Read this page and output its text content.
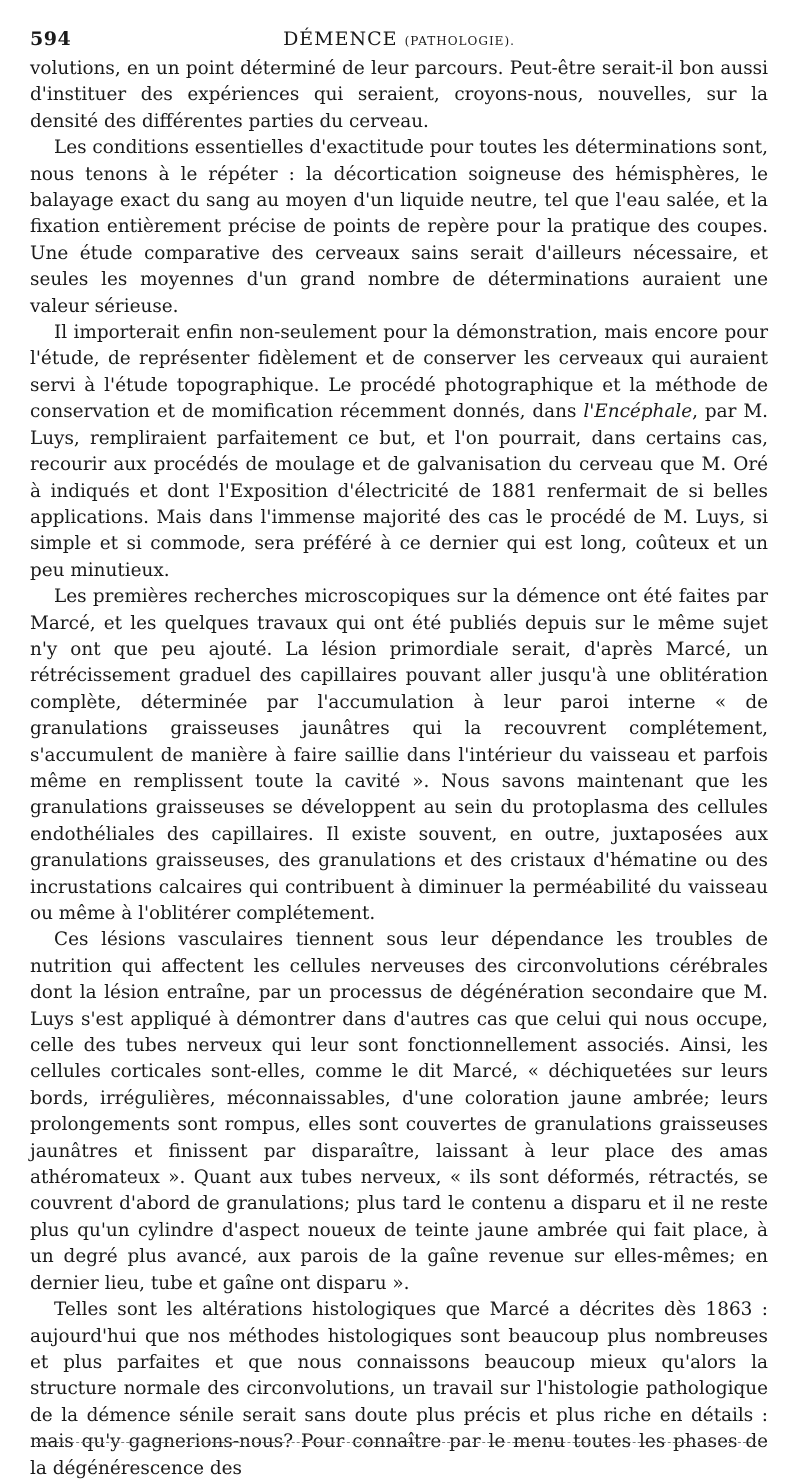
594	DÉMENCE (PATHOLOGIE).

volutions, en un point déterminé de leur parcours. Peut-être serait-il bon aussi d'instituer des expériences qui seraient, croyons-nous, nouvelles, sur la densité des différentes parties du cerveau.

Les conditions essentielles d'exactitude pour toutes les déterminations sont, nous tenons à le répéter : la décortication soigneuse des hémisphères, le balayage exact du sang au moyen d'un liquide neutre, tel que l'eau salée, et la fixation entièrement précise de points de repère pour la pratique des coupes. Une étude comparative des cerveaux sains serait d'ailleurs nécessaire, et seules les moyennes d'un grand nombre de déterminations auraient une valeur sérieuse.

Il importerait enfin non-seulement pour la démonstration, mais encore pour l'étude, de représenter fidèlement et de conserver les cerveaux qui auraient servi à l'étude topographique. Le procédé photographique et la méthode de conservation et de momification récemment donnés, dans l'Encéphale, par M. Luys, rempliraient parfaitement ce but, et l'on pourrait, dans certains cas, recourir aux procédés de moulage et de galvanisation du cerveau que M. Oré à indiqués et dont l'Exposition d'électricité de 1881 renfermait de si belles applications. Mais dans l'immense majorité des cas le procédé de M. Luys, si simple et si commode, sera préféré à ce dernier qui est long, coûteux et un peu minutieux.

Les premières recherches microscopiques sur la démence ont été faites par Marcé, et les quelques travaux qui ont été publiés depuis sur le même sujet n'y ont que peu ajouté. La lésion primordiale serait, d'après Marcé, un rétrécissement graduel des capillaires pouvant aller jusqu'à une oblitération complète, déterminée par l'accumulation à leur paroi interne « de granulations graisseuses jaunâtres qui la recouvrent complétement, s'accumulent de manière à faire saillie dans l'intérieur du vaisseau et parfois même en remplissent toute la cavité ». Nous savons maintenant que les granulations graisseuses se développent au sein du protoplasma des cellules endothéliales des capillaires. Il existe souvent, en outre, juxtaposées aux granulations graisseuses, des granulations et des cristaux d'hématine ou des incrustations calcaires qui contribuent à diminuer la perméabilité du vaisseau ou même à l'oblitérer complétement.

Ces lésions vasculaires tiennent sous leur dépendance les troubles de nutrition qui affectent les cellules nerveuses des circonvolutions cérébrales dont la lésion entraîne, par un processus de dégénération secondaire que M. Luys s'est appliqué à démontrer dans d'autres cas que celui qui nous occupe, celle des tubes nerveux qui leur sont fonctionnellement associés. Ainsi, les cellules corticales sont-elles, comme le dit Marcé, « déchiquetées sur leurs bords, irrégulières, méconnaissables, d'une coloration jaune ambrée; leurs prolongements sont rompus, elles sont couvertes de granulations graisseuses jaunâtres et finissent par disparaître, laissant à leur place des amas athéromateux ». Quant aux tubes nerveux, « ils sont déformés, rétractés, se couvrent d'abord de granulations; plus tard le contenu a disparu et il ne reste plus qu'un cylindre d'aspect noueux de teinte jaune ambrée qui fait place, à un degré plus avancé, aux parois de la gaîne revenue sur elles-mêmes; en dernier lieu, tube et gaîne ont disparu ».

Telles sont les altérations histologiques que Marcé a décrites dès 1863 : aujourd'hui que nos méthodes histologiques sont beaucoup plus nombreuses et plus parfaites et que nous connaissons beaucoup mieux qu'alors la structure normale des circonvolutions, un travail sur l'histologie pathologique de la démence sénile serait sans doute plus précis et plus riche en détails : mais qu'y gagnerions-nous? Pour connaître par le menu toutes les phases de la dégénérescence des
